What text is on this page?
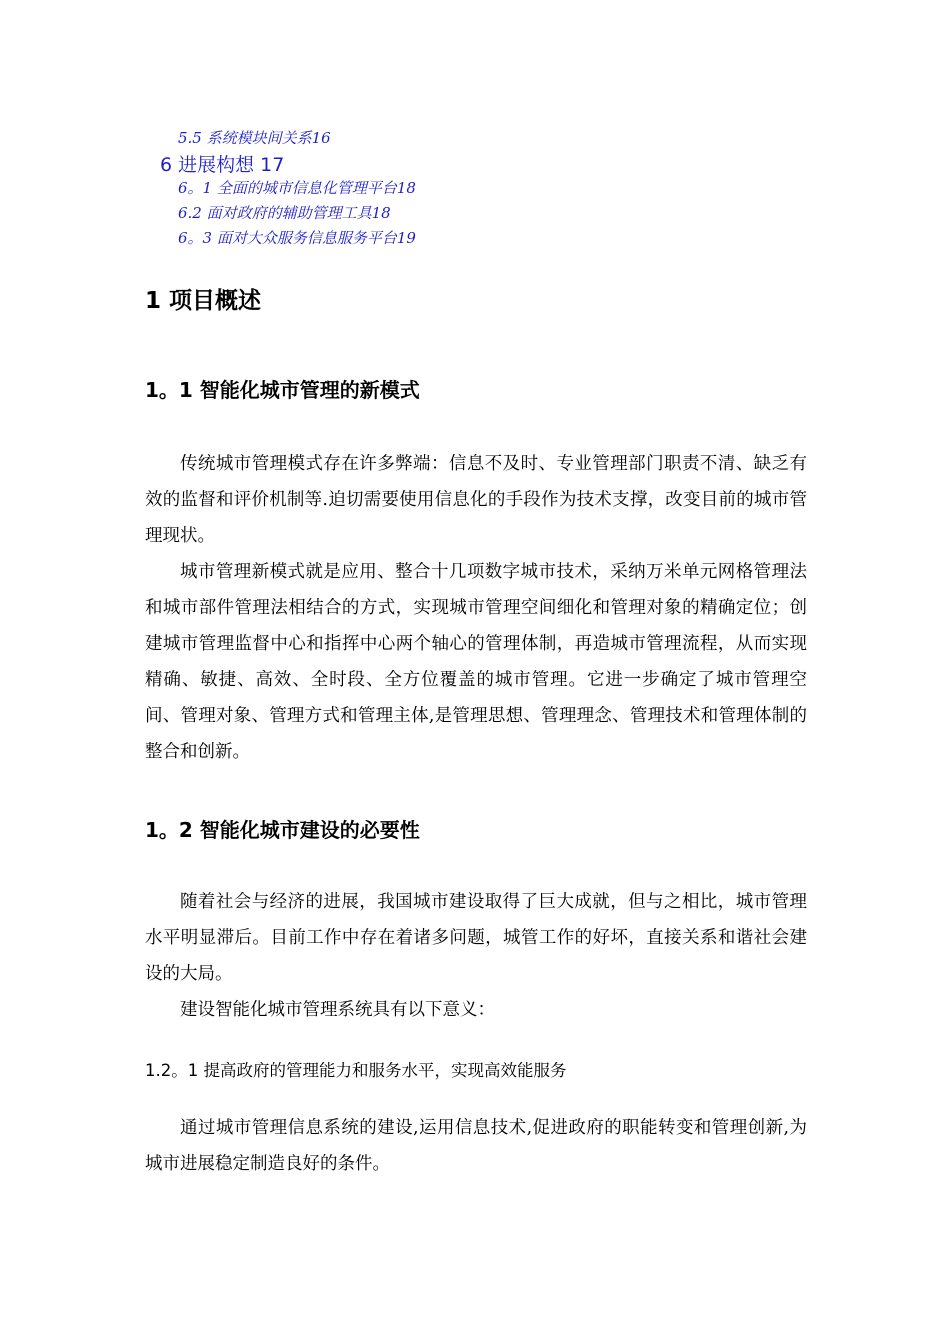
5.5 系统模块间关系16
6 进展构想 17
6。1 全面的城市信息化管理平台18
6.2 面对政府的辅助管理工具18
6。3 面对大众服务信息服务平台19
1 项目概述
1。1 智能化城市管理的新模式

传统城市管理模式存在许多弊端：信息不及时、专业管理部门职责不清、缺乏有效的监督和评价机制等.迫切需要使用信息化的手段作为技术支撑，改变目前的城市管理现状。

城市管理新模式就是应用、整合十几项数字城市技术，采纳万米单元网格管理法和城市部件管理法相结合的方式，实现城市管理空间细化和管理对象的精确定位；创建城市管理监督中心和指挥中心两个轴心的管理体制，再造城市管理流程，从而实现精确、敏捷、高效、全时段、全方位覆盖的城市管理。它进一步确定了城市管理空间、管理对象、管理方式和管理主体,是管理思想、管理理念、管理技术和管理体制的整合和创新。

1。2 智能化城市建设的必要性

随着社会与经济的进展，我国城市建设取得了巨大成就，但与之相比，城市管理水平明显滞后。目前工作中存在着诸多问题，城管工作的好坏，直接关系和谐社会建设的大局。

建设智能化城市管理系统具有以下意义：

1.2。1 提高政府的管理能力和服务水平，实现高效能服务

通过城市管理信息系统的建设,运用信息技术,促进政府的职能转变和管理创新,为城市进展稳定制造良好的条件。
